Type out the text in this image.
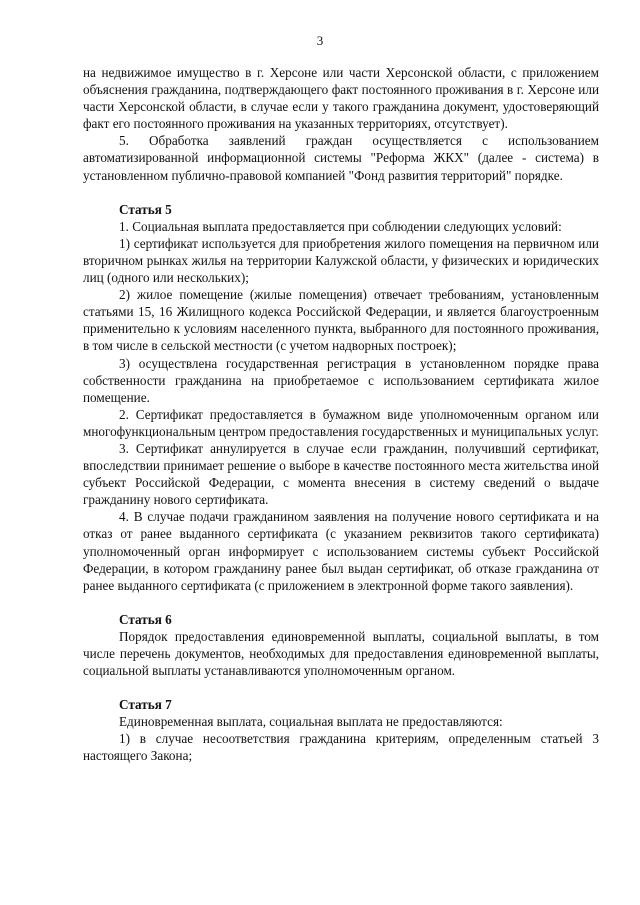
3

на недвижимое имущество в г. Херсоне или части Херсонской области, с приложением объяснения гражданина, подтверждающего факт постоянного проживания в г. Херсоне или части Херсонской области, в случае если у такого гражданина документ, удостоверяющий факт его постоянного проживания на указанных территориях, отсутствует).

5. Обработка заявлений граждан осуществляется с использованием автоматизированной информационной системы "Реформа ЖКХ" (далее - система) в установленном публично-правовой компанией "Фонд развития территорий" порядке.

Статья 5

1. Социальная выплата предоставляется при соблюдении следующих условий:

1) сертификат используется для приобретения жилого помещения на первичном или вторичном рынках жилья на территории Калужской области, у физических и юридических лиц (одного или нескольких);

2) жилое помещение (жилые помещения) отвечает требованиям, установленным статьями 15, 16 Жилищного кодекса Российской Федерации, и является благоустроенным применительно к условиям населенного пункта, выбранного для постоянного проживания, в том числе в сельской местности (с учетом надворных построек);

3) осуществлена государственная регистрация в установленном порядке права собственности гражданина на приобретаемое с использованием сертификата жилое помещение.

2. Сертификат предоставляется в бумажном виде уполномоченным органом или многофункциональным центром предоставления государственных и муниципальных услуг.

3. Сертификат аннулируется в случае если гражданин, получивший сертификат, впоследствии принимает решение о выборе в качестве постоянного места жительства иной субъект Российской Федерации, с момента внесения в систему сведений о выдаче гражданину нового сертификата.

4. В случае подачи гражданином заявления на получение нового сертификата и на отказ от ранее выданного сертификата (с указанием реквизитов такого сертификата) уполномоченный орган информирует с использованием системы субъект Российской Федерации, в котором гражданину ранее был выдан сертификат, об отказе гражданина от ранее выданного сертификата (с приложением в электронной форме такого заявления).

Статья 6

Порядок предоставления единовременной выплаты, социальной выплаты, в том числе перечень документов, необходимых для предоставления единовременной выплаты, социальной выплаты устанавливаются уполномоченным органом.

Статья 7

Единовременная выплата, социальная выплата не предоставляются:

1) в случае несоответствия гражданина критериям, определенным статьей 3 настоящего Закона;
